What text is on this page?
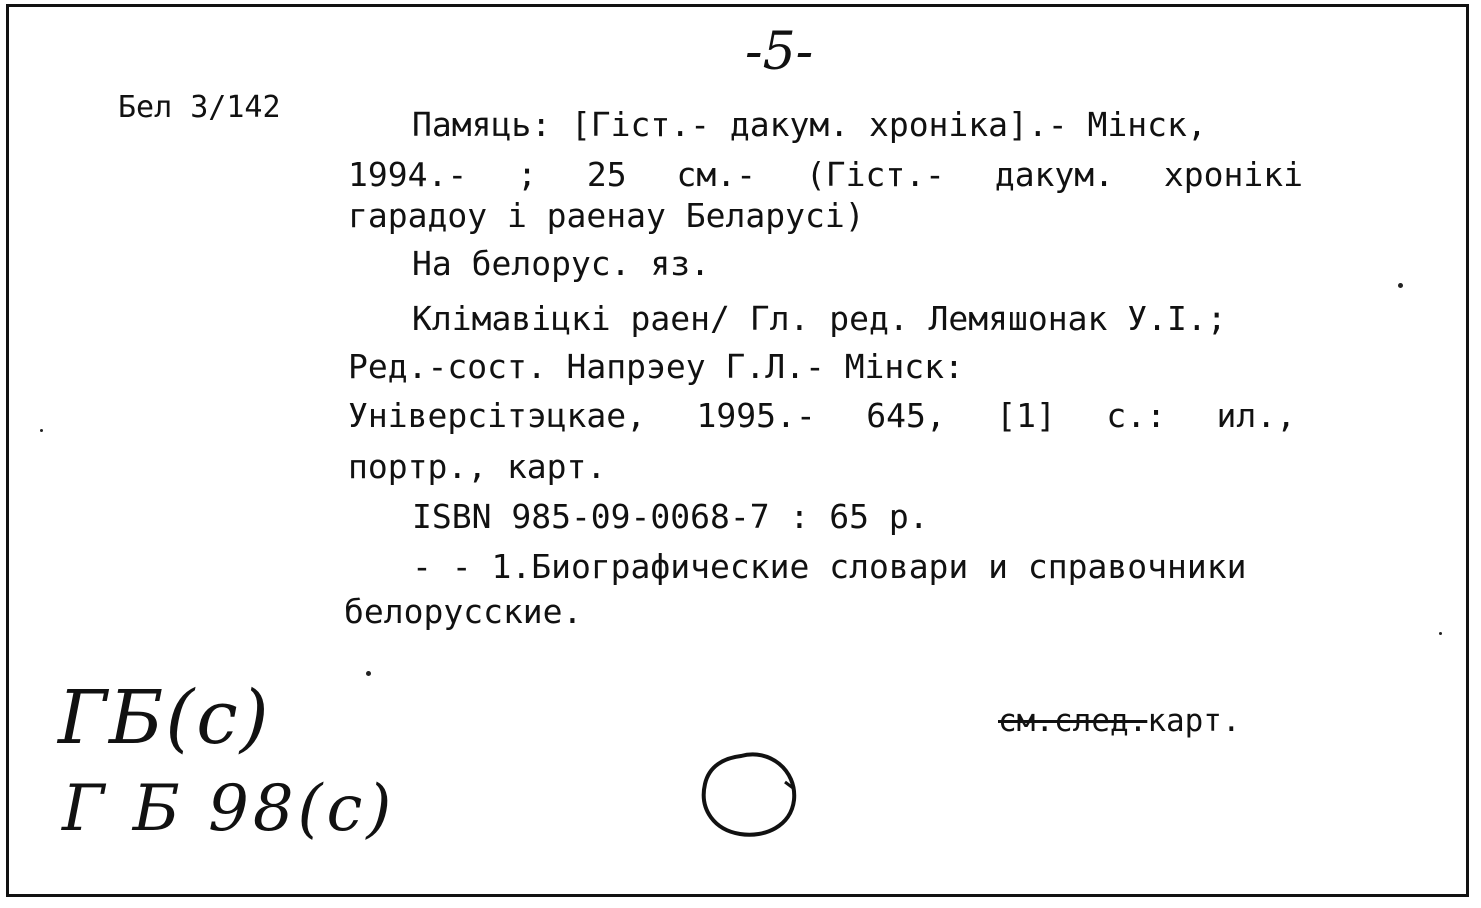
-5-
Бел 3/142	Памяць: [Гіст.- дакум. хроніка].- Мінск,
1994.- ; 25 см.- (Гіст.- дакум. хронікі
гарадоу і раенау Беларусі)
На белорус. яз.
Клімавіцкі раен/ Гл. ред. Лемяшонак У.І.;
Ред.-сост. Напрэеу Г.Л.- Мінск:
Універсітэцкае, 1995.- 645, [1] с.: ил.,
портр., карт.
ISBN 985-09-0068-7 : 65 р.
- - 1.Биографические словари и справочники
белорусские.
см.след.карт.
ГБ(с)
Г Б 98(с)
